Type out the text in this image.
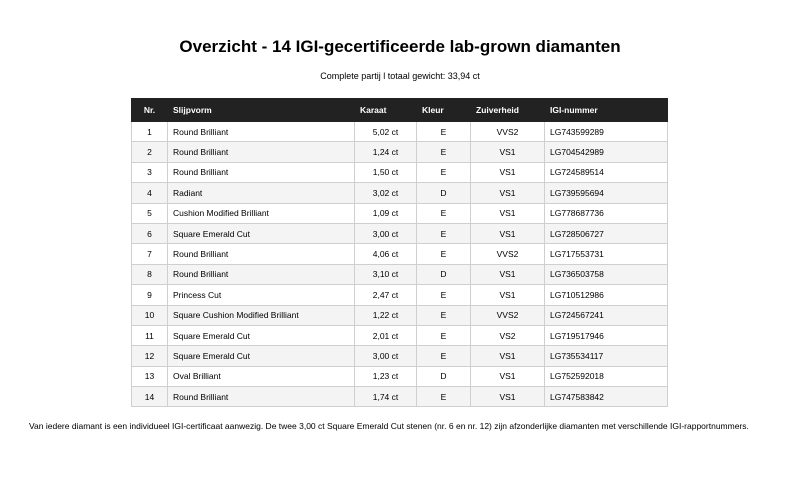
Overzicht - 14 IGI-gecertificeerde lab-grown diamanten
Complete partij l totaal gewicht: 33,94 ct
Nr.	Slijpvorm	Karaat	Kleur	Zuiverheid	IGI-nummer
1	Round Brilliant	5,02 ct	E	VVS2	LG743599289
2	Round Brilliant	1,24 ct	E	VS1	LG704542989
3	Round Brilliant	1,50 ct	E	VS1	LG724589514
4	Radiant	3,02 ct	D	VS1	LG739595694
5	Cushion Modified Brilliant	1,09 ct	E	VS1	LG778687736
6	Square Emerald Cut	3,00 ct	E	VS1	LG728506727
7	Round Brilliant	4,06 ct	E	VVS2	LG717553731
8	Round Brilliant	3,10 ct	D	VS1	LG736503758
9	Princess Cut	2,47 ct	E	VS1	LG710512986
10	Square Cushion Modified Brilliant	1,22 ct	E	VVS2	LG724567241
11	Square Emerald Cut	2,01 ct	E	VS2	LG719517946
12	Square Emerald Cut	3,00 ct	E	VS1	LG735534117
13	Oval Brilliant	1,23 ct	D	VS1	LG752592018
14	Round Brilliant	1,74 ct	E	VS1	LG747583842
Van iedere diamant is een individueel IGI-certificaat aanwezig. De twee 3,00 ct Square Emerald Cut stenen (nr. 6 en nr. 12) zijn afzonderlijke diamanten met verschillende IGI-rapportnummers.
